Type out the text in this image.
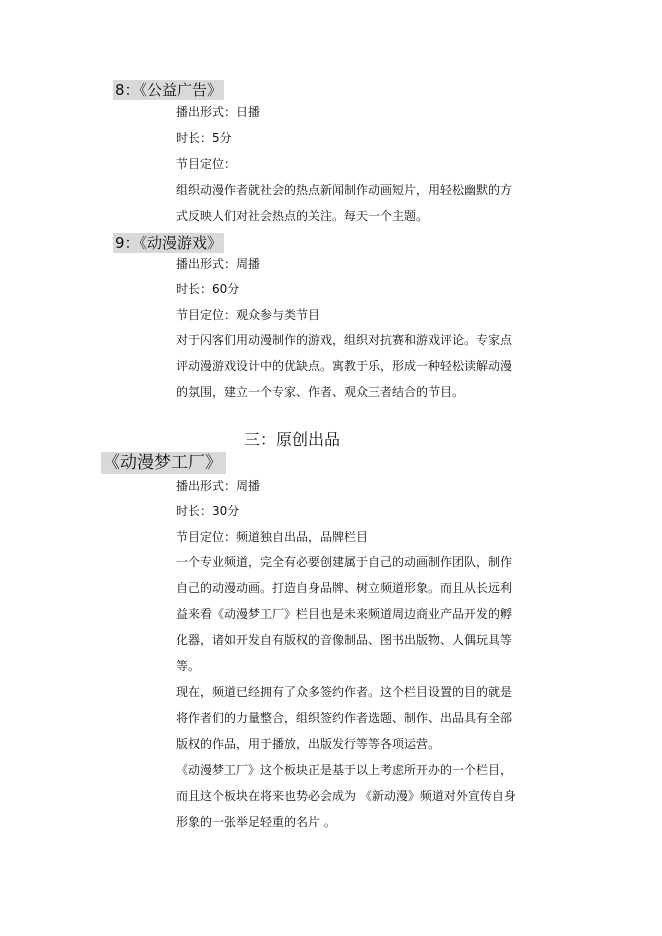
8：《公益广告》
播出形式：日播
时长：5分
节目定位：
组织动漫作者就社会的热点新闻制作动画短片，用轻松幽默的方
式反映人们对社会热点的关注。每天一个主题。
9：《动漫游戏》
播出形式：周播
时长：60分
节目定位：观众参与类节目
对于闪客们用动漫制作的游戏，组织对抗赛和游戏评论。专家点
评动漫游戏设计中的优缺点。寓教于乐，形成一种轻松读解动漫
的氛围，建立一个专家、作者、观众三者结合的节目。
三：原创出品
《动漫梦工厂》
播出形式：周播
时长：30分
节目定位：频道独自出品，品牌栏目
一个专业频道，完全有必要创建属于自己的动画制作团队，制作
自己的动漫动画。打造自身品牌、树立频道形象。而且从长远利
益来看《动漫梦工厂》栏目也是未来频道周边商业产品开发的孵
化器，诸如开发自有版权的音像制品、图书出版物、人偶玩具等
等。
现在，频道已经拥有了众多签约作者。这个栏目设置的目的就是
将作者们的力量整合，组织签约作者选题、制作、出品具有全部
版权的作品，用于播放，出版发行等等各项运营。
《动漫梦工厂》这个板块正是基于以上考虑所开办的一个栏目，
而且这个板块在将来也势必会成为 《新动漫》频道对外宣传自身
形象的一张举足轻重的名片 。
